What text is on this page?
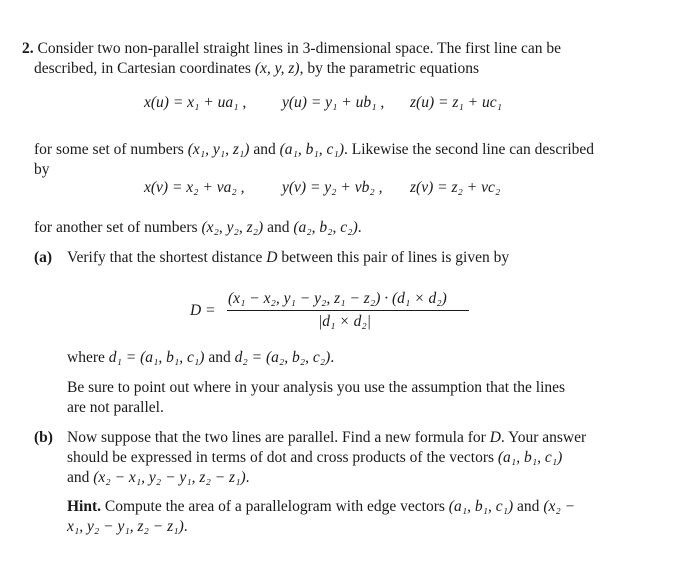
2. Consider two non-parallel straight lines in 3-dimensional space. The first line can be
described, in Cartesian coordinates (x, y, z), by the parametric equations
x(u) = x₁ + ua₁ , y(u) = y₁ + ub₁ , z(u) = z₁ + uc₁
for some set of numbers (x₁, y₁, z₁) and (a₁, b₁, c₁). Likewise the second line can described
by
x(v) = x₂ + va₂ , y(v) = y₂ + vb₂ , z(v) = z₂ + vc₂
for another set of numbers (x₂, y₂, z₂) and (a₂, b₂, c₂).
(a) Verify that the shortest distance D between this pair of lines is given by
D =
(x₁ − x₂, y₁ − y₂, z₁ − z₂) · (d₁ × d₂)
|d₁ × d₂|
where d₁ = (a₁, b₁, c₁) and d₂ = (a₂, b₂, c₂).
Be sure to point out where in your analysis you use the assumption that the lines
are not parallel.
(b) Now suppose that the two lines are parallel. Find a new formula for D. Your answer
should be expressed in terms of dot and cross products of the vectors (a₁, b₁, c₁)
and (x₂ − x₁, y₂ − y₁, z₂ − z₁).
Hint. Compute the area of a parallelogram with edge vectors (a₁, b₁, c₁) and (x₂ −
x₁, y₂ − y₁, z₂ − z₁).
